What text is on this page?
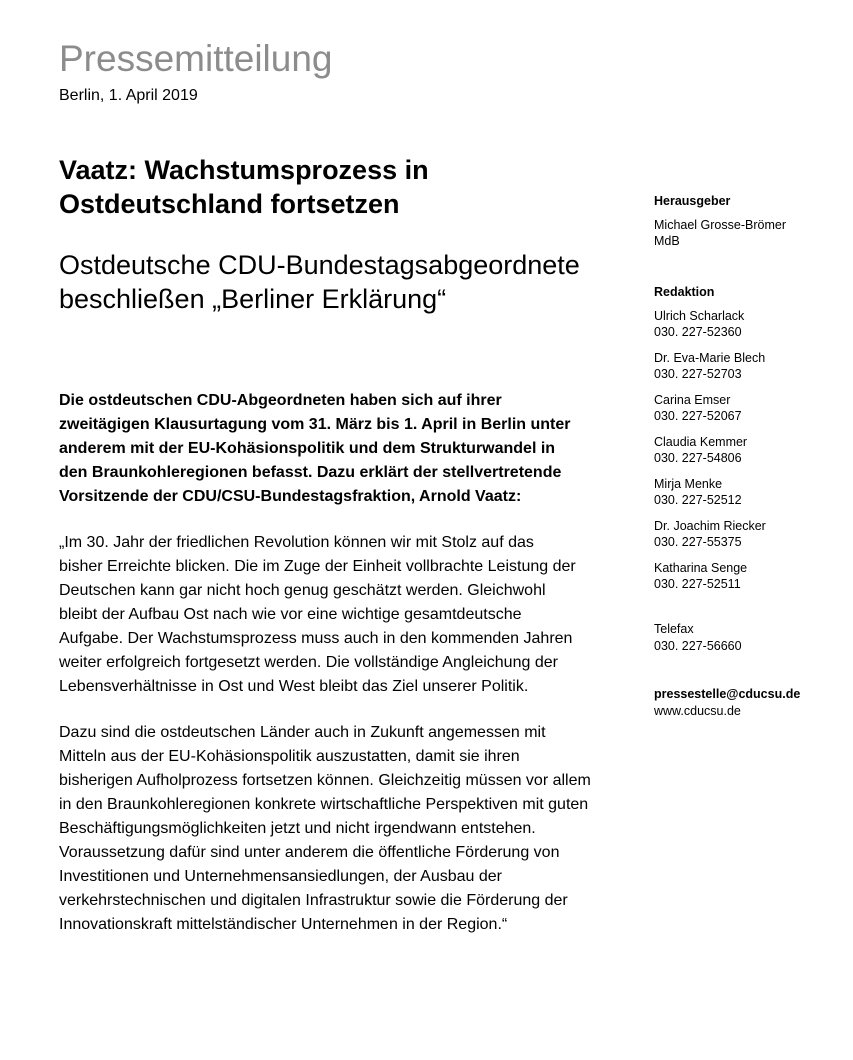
Pressemitteilung
Berlin, 1. April 2019
Vaatz: Wachstumsprozess in
Ostdeutschland fortsetzen
Ostdeutsche CDU-Bundestagsabgeordnete
beschließen „Berliner Erklärung“

Die ostdeutschen CDU-Abgeordneten haben sich auf ihrer
zweitägigen Klausurtagung vom 31. März bis 1. April in Berlin unter
anderem mit der EU-Kohäsionspolitik und dem Strukturwandel in
den Braunkohleregionen befasst. Dazu erklärt der stellvertretende
Vorsitzende der CDU/CSU-Bundestagsfraktion, Arnold Vaatz:

„Im 30. Jahr der friedlichen Revolution können wir mit Stolz auf das
bisher Erreichte blicken. Die im Zuge der Einheit vollbrachte Leistung der
Deutschen kann gar nicht hoch genug geschätzt werden. Gleichwohl
bleibt der Aufbau Ost nach wie vor eine wichtige gesamtdeutsche
Aufgabe. Der Wachstumsprozess muss auch in den kommenden Jahren
weiter erfolgreich fortgesetzt werden. Die vollständige Angleichung der
Lebensverhältnisse in Ost und West bleibt das Ziel unserer Politik.

Dazu sind die ostdeutschen Länder auch in Zukunft angemessen mit
Mitteln aus der EU-Kohäsionspolitik auszustatten, damit sie ihren
bisherigen Aufholprozess fortsetzen können. Gleichzeitig müssen vor allem
in den Braunkohleregionen konkrete wirtschaftliche Perspektiven mit guten
Beschäftigungsmöglichkeiten jetzt und nicht irgendwann entstehen.
Voraussetzung dafür sind unter anderem die öffentliche Förderung von
Investitionen und Unternehmensansiedlungen, der Ausbau der
verkehrstechnischen und digitalen Infrastruktur sowie die Förderung der
Innovationskraft mittelständischer Unternehmen in der Region.“

Herausgeber
Michael Grosse-Brömer
MdB
Redaktion
Ulrich Scharlack
030. 227-52360
Dr. Eva-Marie Blech
030. 227-52703
Carina Emser
030. 227-52067
Claudia Kemmer
030. 227-54806
Mirja Menke
030. 227-52512
Dr. Joachim Riecker
030. 227-55375
Katharina Senge
030. 227-52511
Telefax
030. 227-56660
pressestelle@cducsu.de
www.cducsu.de
